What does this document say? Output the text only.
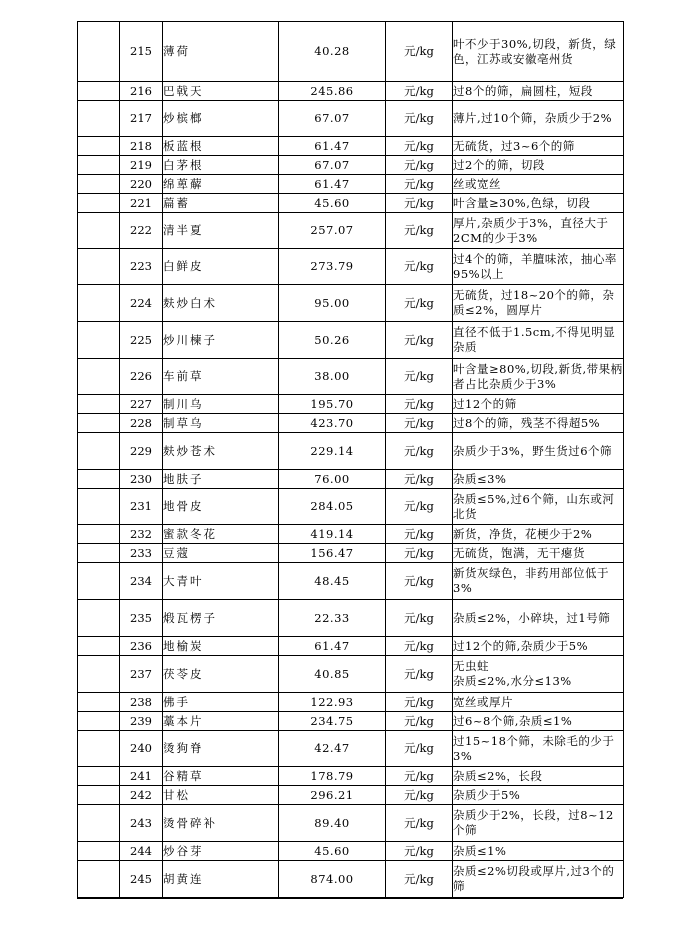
	215	薄荷	40.28	元/kg	叶不少于30%,切段，新货，绿色，江苏或安徽亳州货
	216	巴戟天	245.86	元/kg	过8个的筛，扁圆柱，短段
	217	炒槟榔	67.07	元/kg	薄片,过10个筛，杂质少于2%
	218	板蓝根	61.47	元/kg	无硫货，过3~6个的筛
	219	白茅根	67.07	元/kg	过2个的筛，切段
	220	绵萆薢	61.47	元/kg	丝或宽丝
	221	萹蓄	45.60	元/kg	叶含量≥30%,色绿，切段
	222	清半夏	257.07	元/kg	厚片,杂质少于3%，直径大于2CM的少于3%
	223	白鲜皮	273.79	元/kg	过4个的筛，羊膻味浓，抽心率95%以上
	224	麸炒白术	95.00	元/kg	无硫货，过18~20个的筛，杂质≤2%，圆厚片
	225	炒川楝子	50.26	元/kg	直径不低于1.5cm,不得见明显杂质
	226	车前草	38.00	元/kg	叶含量≥80%,切段,新货,带果柄者占比杂质少于3%
	227	制川乌	195.70	元/kg	过12个的筛
	228	制草乌	423.70	元/kg	过8个的筛，残茎不得超5%
	229	麸炒苍术	229.14	元/kg	杂质少于3%，野生货过6个筛
	230	地肤子	76.00	元/kg	杂质≤3%
	231	地骨皮	284.05	元/kg	杂质≤5%,过6个筛，山东或河北货
	232	蜜款冬花	419.14	元/kg	新货，净货，花梗少于2%
	233	豆蔻	156.47	元/kg	无硫货，饱满，无干瘪货
	234	大青叶	48.45	元/kg	新货灰绿色，非药用部位低于3%
	235	煅瓦楞子	22.33	元/kg	杂质≤2%，小碎块，过1号筛
	236	地榆炭	61.47	元/kg	过12个的筛,杂质少于5%
	237	茯苓皮	40.85	元/kg	无虫蛀
杂质≤2%,水分≤13%
	238	佛手	122.93	元/kg	宽丝或厚片
	239	藁本片	234.75	元/kg	过6~8个筛,杂质≤1%
	240	烫狗脊	42.47	元/kg	过15~18个筛，未除毛的少于3%
	241	谷精草	178.79	元/kg	杂质≤2%，长段
	242	甘松	296.21	元/kg	杂质少于5%
	243	烫骨碎补	89.40	元/kg	杂质少于2%，长段，过8~12个筛
	244	炒谷芽	45.60	元/kg	杂质≤1%
	245	胡黄连	874.00	元/kg	杂质≤2%切段或厚片,过3个的筛
